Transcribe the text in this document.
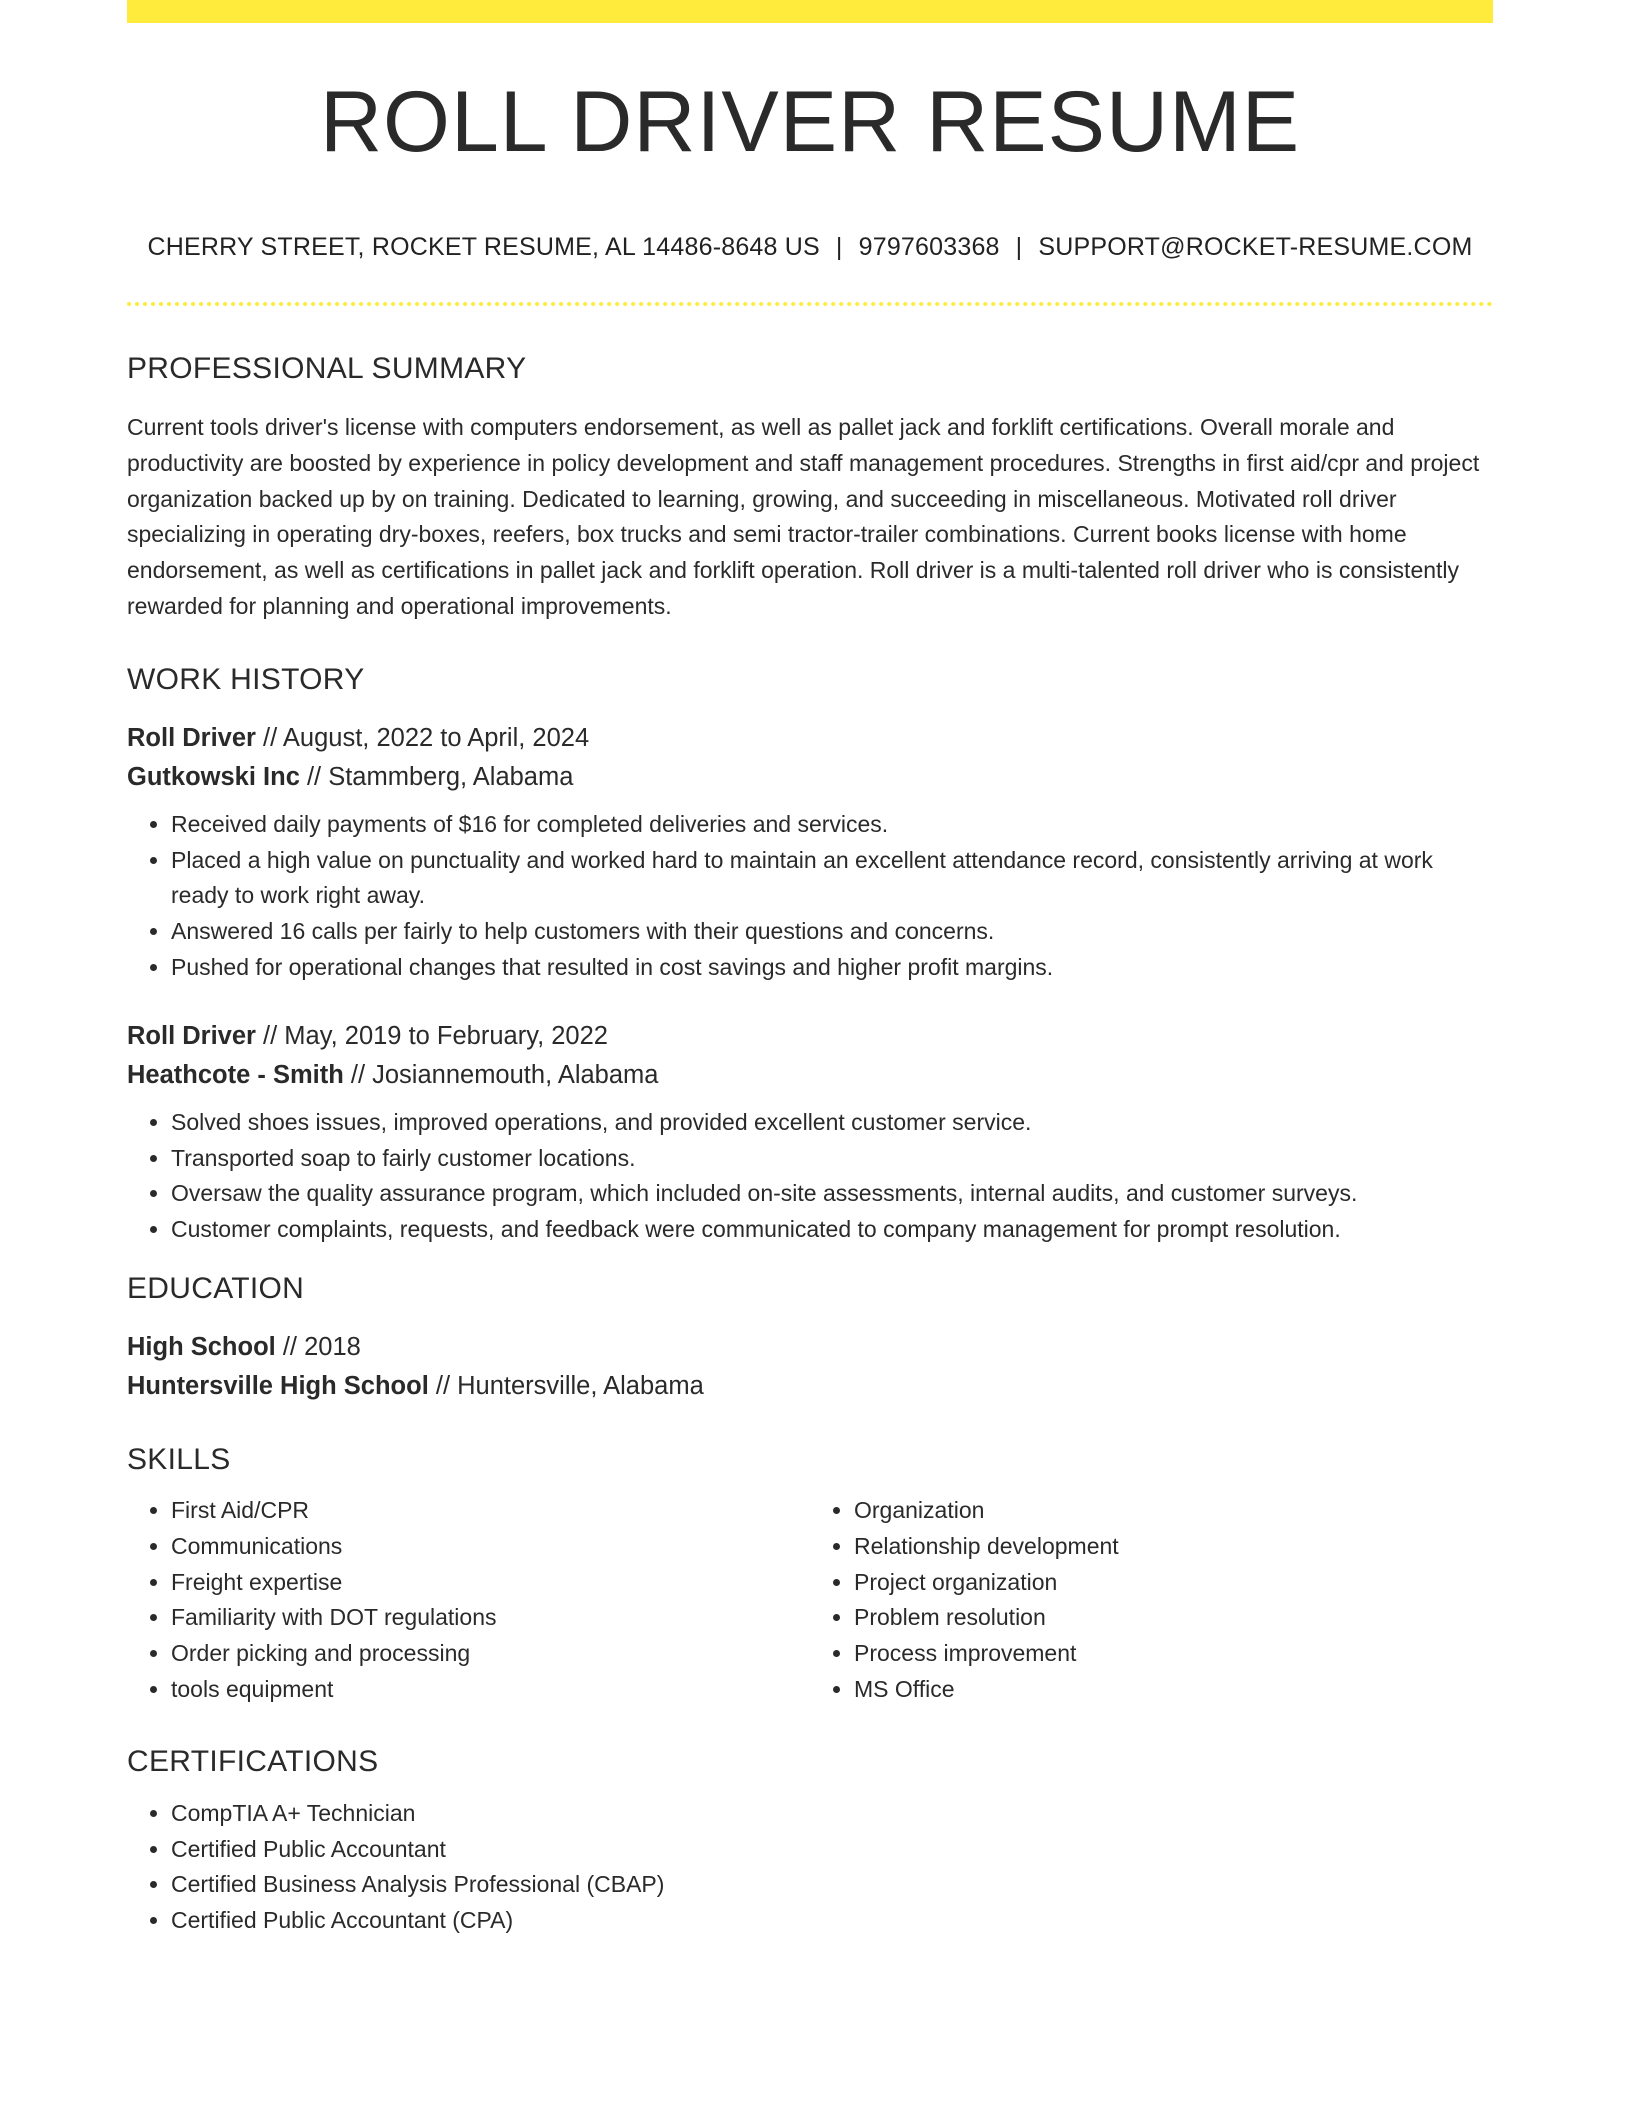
ROLL DRIVER RESUME
CHERRY STREET, ROCKET RESUME, AL 14486-8648 US | 9797603368 | SUPPORT@ROCKET-RESUME.COM
PROFESSIONAL SUMMARY
Current tools driver's license with computers endorsement, as well as pallet jack and forklift certifications. Overall morale and productivity are boosted by experience in policy development and staff management procedures. Strengths in first aid/cpr and project organization backed up by on training. Dedicated to learning, growing, and succeeding in miscellaneous. Motivated roll driver specializing in operating dry-boxes, reefers, box trucks and semi tractor-trailer combinations. Current books license with home endorsement, as well as certifications in pallet jack and forklift operation. Roll driver is a multi-talented roll driver who is consistently rewarded for planning and operational improvements.
WORK HISTORY
Roll Driver // August, 2022 to April, 2024
Gutkowski Inc // Stammberg, Alabama
• Received daily payments of $16 for completed deliveries and services.
• Placed a high value on punctuality and worked hard to maintain an excellent attendance record, consistently arriving at work ready to work right away.
• Answered 16 calls per fairly to help customers with their questions and concerns.
• Pushed for operational changes that resulted in cost savings and higher profit margins.
Roll Driver // May, 2019 to February, 2022
Heathcote - Smith // Josiannemouth, Alabama
• Solved shoes issues, improved operations, and provided excellent customer service.
• Transported soap to fairly customer locations.
• Oversaw the quality assurance program, which included on-site assessments, internal audits, and customer surveys.
• Customer complaints, requests, and feedback were communicated to company management for prompt resolution.
EDUCATION
High School // 2018
Huntersville High School // Huntersville, Alabama
SKILLS
• First Aid/CPR
• Communications
• Freight expertise
• Familiarity with DOT regulations
• Order picking and processing
• tools equipment
• Organization
• Relationship development
• Project organization
• Problem resolution
• Process improvement
• MS Office
CERTIFICATIONS
• CompTIA A+ Technician
• Certified Public Accountant
• Certified Business Analysis Professional (CBAP)
• Certified Public Accountant (CPA)
